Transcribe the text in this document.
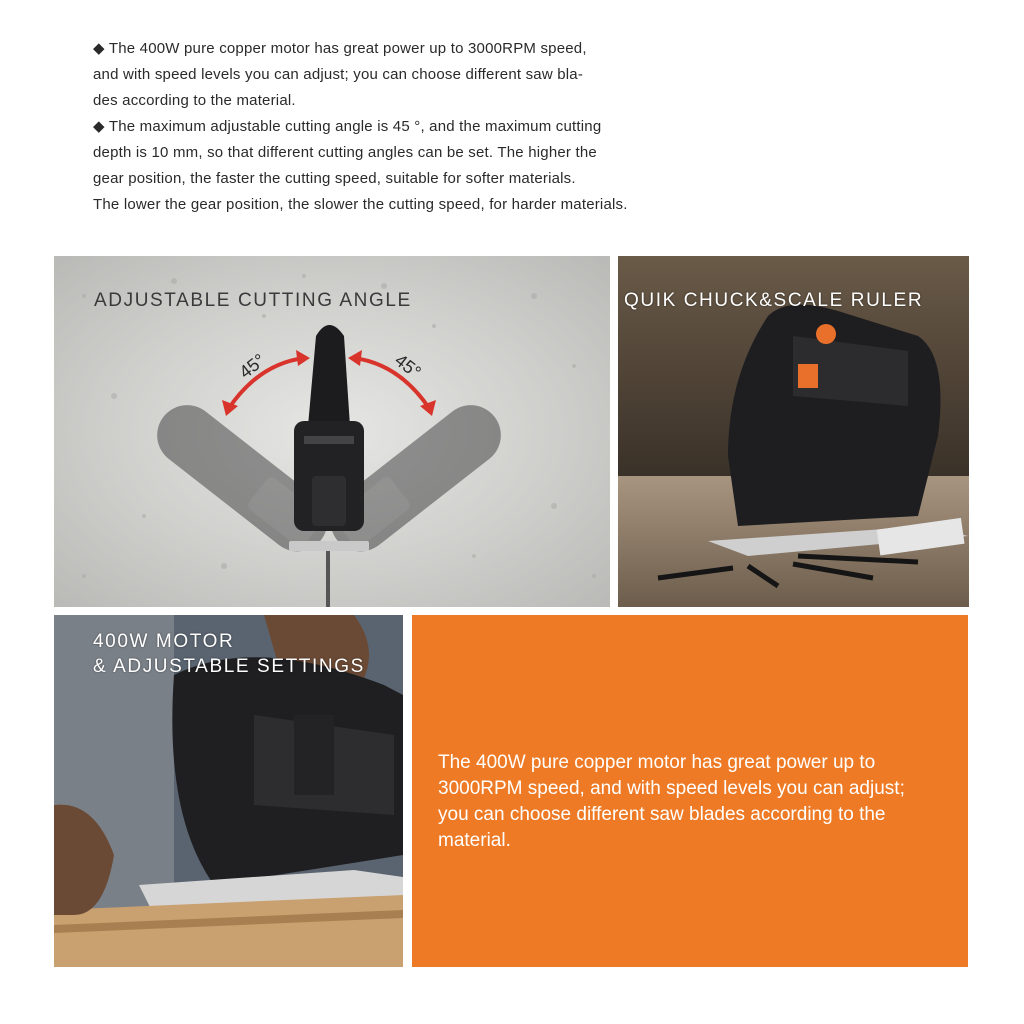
◆ The 400W pure copper motor has great power up to 3000RPM speed,
and with speed levels you can adjust; you can choose different saw bla-
des according to the material.
◆ The maximum adjustable cutting angle is 45 °, and the maximum cutting
depth is 10 mm, so that different cutting angles can be set. The higher the
gear position, the faster the cutting speed, suitable for softer materials.
The lower the gear position, the slower the cutting speed, for harder materials.
ADJUSTABLE CUTTING ANGLE
45°	45°
QUIK CHUCK&SCALE RULER
400W MOTOR
& ADJUSTABLE SETTINGS
The 400W pure copper motor has great power up to
3000RPM speed, and with speed levels you can adjust;
you can choose different saw blades according to the
material.
